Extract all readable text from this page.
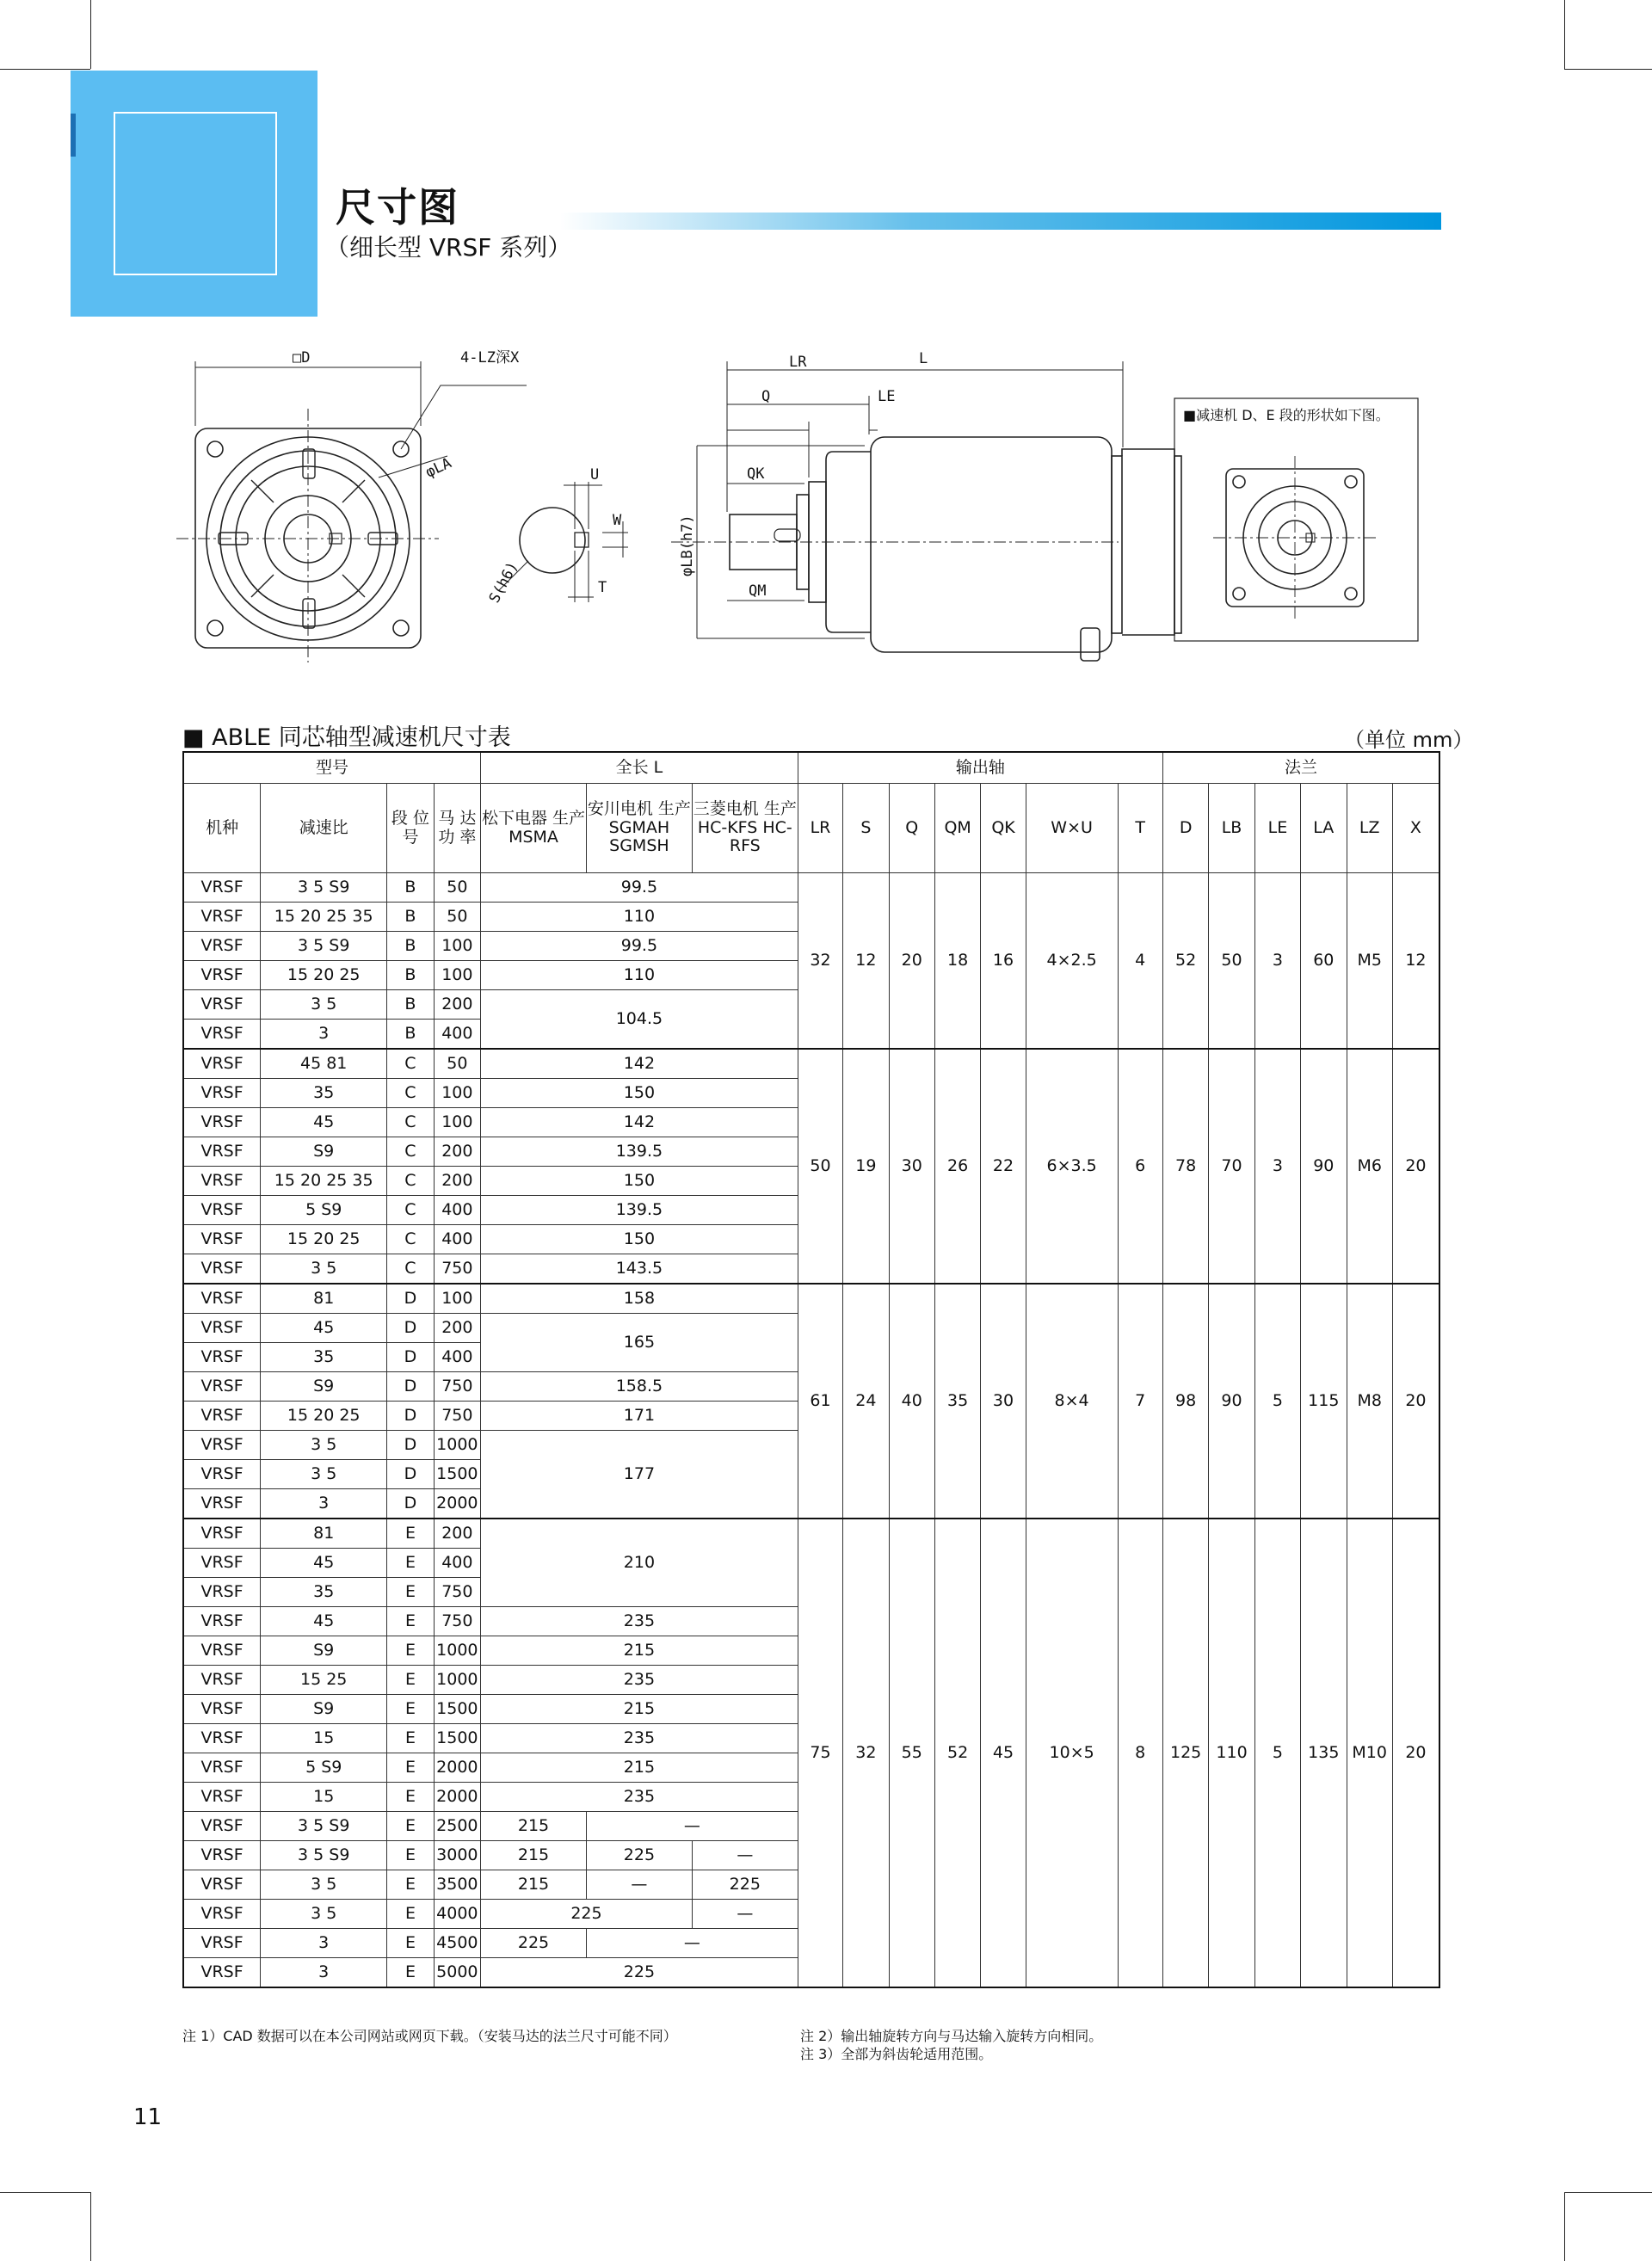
尺寸图
（细长型 VRSF 系列）
□D	4-LZ深X
φLA	U
W
T
S(h6)
L
LR
Q	LE
QK
QM
φLB(h7)
■减速机 D、E 段的形状如下图。
■ ABLE 同芯轴型减速机尺寸表	（单位 mm）
型号				全长 L			输出轴							法兰					
机种	减速比	段 位 号	马 达 功 率	松下电器 生产 MSMA	安川电机 生产 SGMAH SGMSH	三菱电机 生产 HC-KFS HC-RFS	LR	S	Q	QM	QK	W×U	T	D	LB	LE	LA	LZ	X
VRSF	3 5 S9	B	50	99.5			32	12	20	18	16	4×2.5	4	52	50	3	60	M5	12
VRSF	15 20 25 35	B	50	110															
VRSF	3 5 S9	B	100	99.5															
VRSF	15 20 25	B	100	110															
VRSF	3 5	B	200	104.5															
VRSF	3	B	400																
VRSF	45 81	C	50	142			50	19	30	26	22	6×3.5	6	78	70	3	90	M6	20
VRSF	35	C	100	150															
VRSF	45	C	100	142															
VRSF	S9	C	200	139.5															
VRSF	15 20 25 35	C	200	150															
VRSF	5 S9	C	400	139.5															
VRSF	15 20 25	C	400	150															
VRSF	3 5	C	750	143.5															
VRSF	81	D	100	158			61	24	40	35	30	8×4	7	98	90	5	115	M8	20
VRSF	45	D	200	165															
VRSF	35	D	400																
VRSF	S9	D	750	158.5															
VRSF	15 20 25	D	750	171															
VRSF	3 5	D	1000	177															
VRSF	3 5	D	1500																
VRSF	3	D	2000																
VRSF	81	E	200	210			75	32	55	52	45	10×5	8	125	110	5	135	M10	20
VRSF	45	E	400																
VRSF	35	E	750																
VRSF	45	E	750	235															
VRSF	S9	E	1000	215															
VRSF	15 25	E	1000	235															
VRSF	S9	E	1500	215															
VRSF	15	E	1500	235															
VRSF	5 S9	E	2000	215															
VRSF	15	E	2000	235															
VRSF	3 5 S9	E	2500	215	—														
VRSF	3 5 S9	E	3000	215	225	—													
VRSF	3 5	E	3500	215	—	225													
VRSF	3 5	E	4000	225		—													
VRSF	3	E	4500	225	—														
VRSF	3	E	5000	225															
注 1）CAD 数据可以在本公司网站或网页下载。（安装马达的法兰尺寸可能不同）	注 2）输出轴旋转方向与马达输入旋转方向相同。
注 3）全部为斜齿轮适用范围。
11
